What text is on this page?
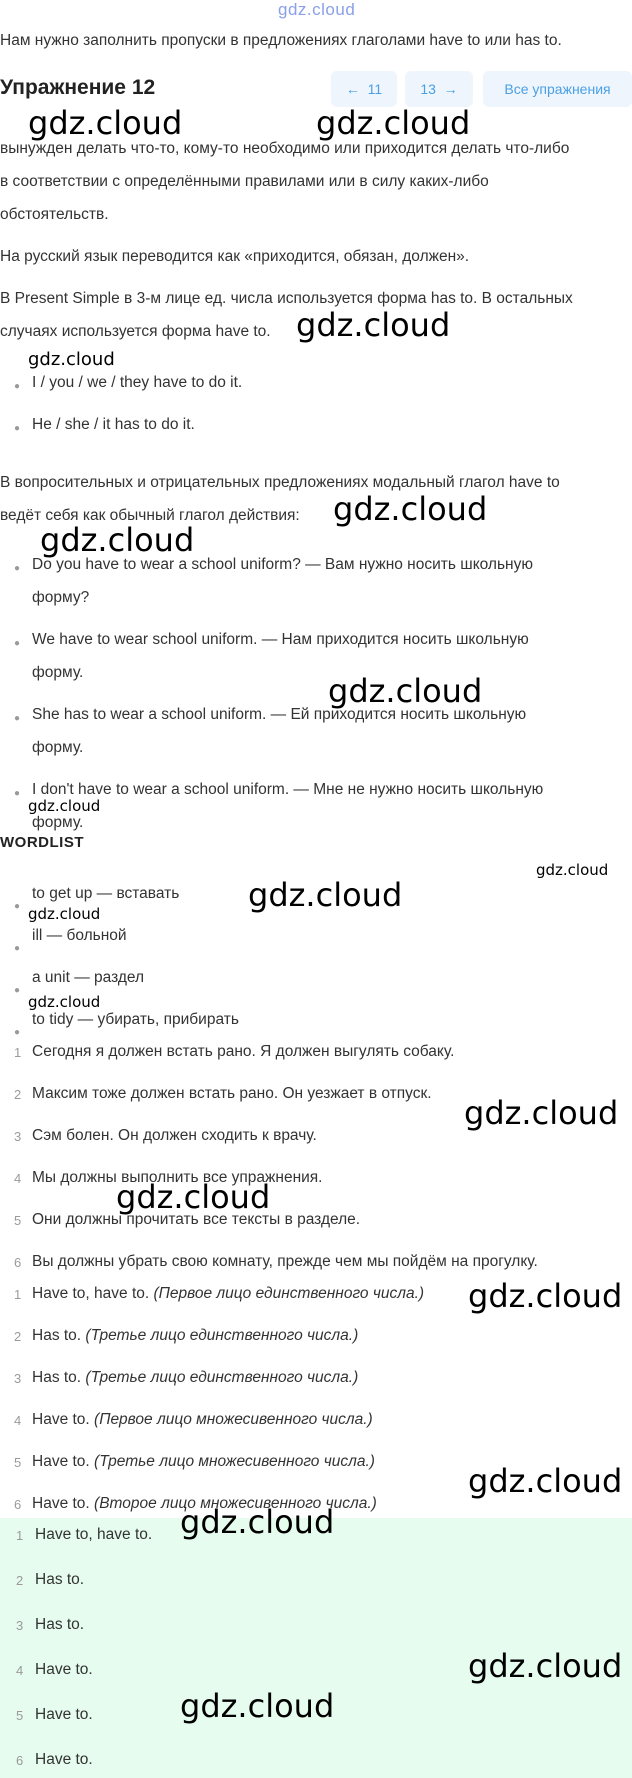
gdz.cloud
Нам нужно заполнить пропуски в предложениях глаголами have to или has to.
Упражнение 12	←
11	13
→	Все упражнения
вынужден делать что-то, кому-то необходимо или приходится делать что-либо
в соответствии с определёнными правилами или в силу каких-либо
обстоятельств.
На русский язык переводится как «приходится, обязан, должен».
В Present Simple в 3-м лице ед. числа используется форма has to. В остальных
случаях используется форма have to.
● I / you / we / they have to do it.
● He / she / it has to do it.
В вопросительных и отрицательных предложениях модальный глагол have to
ведёт себя как обычный глагол действия:
● Do you have to wear a school uniform? — Вам нужно носить школьную
форму?
● We have to wear school uniform. — Нам приходится носить школьную
форму.
● She has to wear a school uniform. — Ей приходится носить школьную
форму.
● I don't have to wear a school uniform. — Мне не нужно носить школьную
форму.
WORDLIST
●
to get up — вставать
●
ill — больной
●
a unit — раздел
●
to tidy — убирать, прибирать
1 Сегодня я должен встать рано. Я должен выгулять собаку.
2 Максим тоже должен встать рано. Он уезжает в отпуск.
3 Сэм болен. Он должен сходить к врачу.
4 Мы должны выполнить все упражнения.
5 Они должны прочитать все тексты в разделе.
6 Вы должны убрать свою комнату, прежде чем мы пойдём на прогулку.
1 Have to, have to. (Первое лицо единственного числа.)
2 Has to. (Третье лицо единственного числа.)
3 Has to. (Третье лицо единственного числа.)
4 Have to. (Первое лицо множесивенного числа.)
5 Have to. (Третье лицо множесивенного числа.)
6 Have to. (Второе лицо множесивенного числа.)
1 Have to, have to.
2 Has to.
3 Has to.
4 Have to.
5 Have to.
6 Have to.
gdz.cloud	gdz.cloud
gdz.cloud
gdz.cloud
gdz.cloud
gdz.cloud
gdz.cloud
gdz.cloud
gdz.cloud
gdz.cloud
gdz.cloud
gdz.cloud
gdz.cloud
gdz.cloud
gdz.cloud
gdz.cloud
gdz.cloud
gdz.cloud
gdz.cloud
